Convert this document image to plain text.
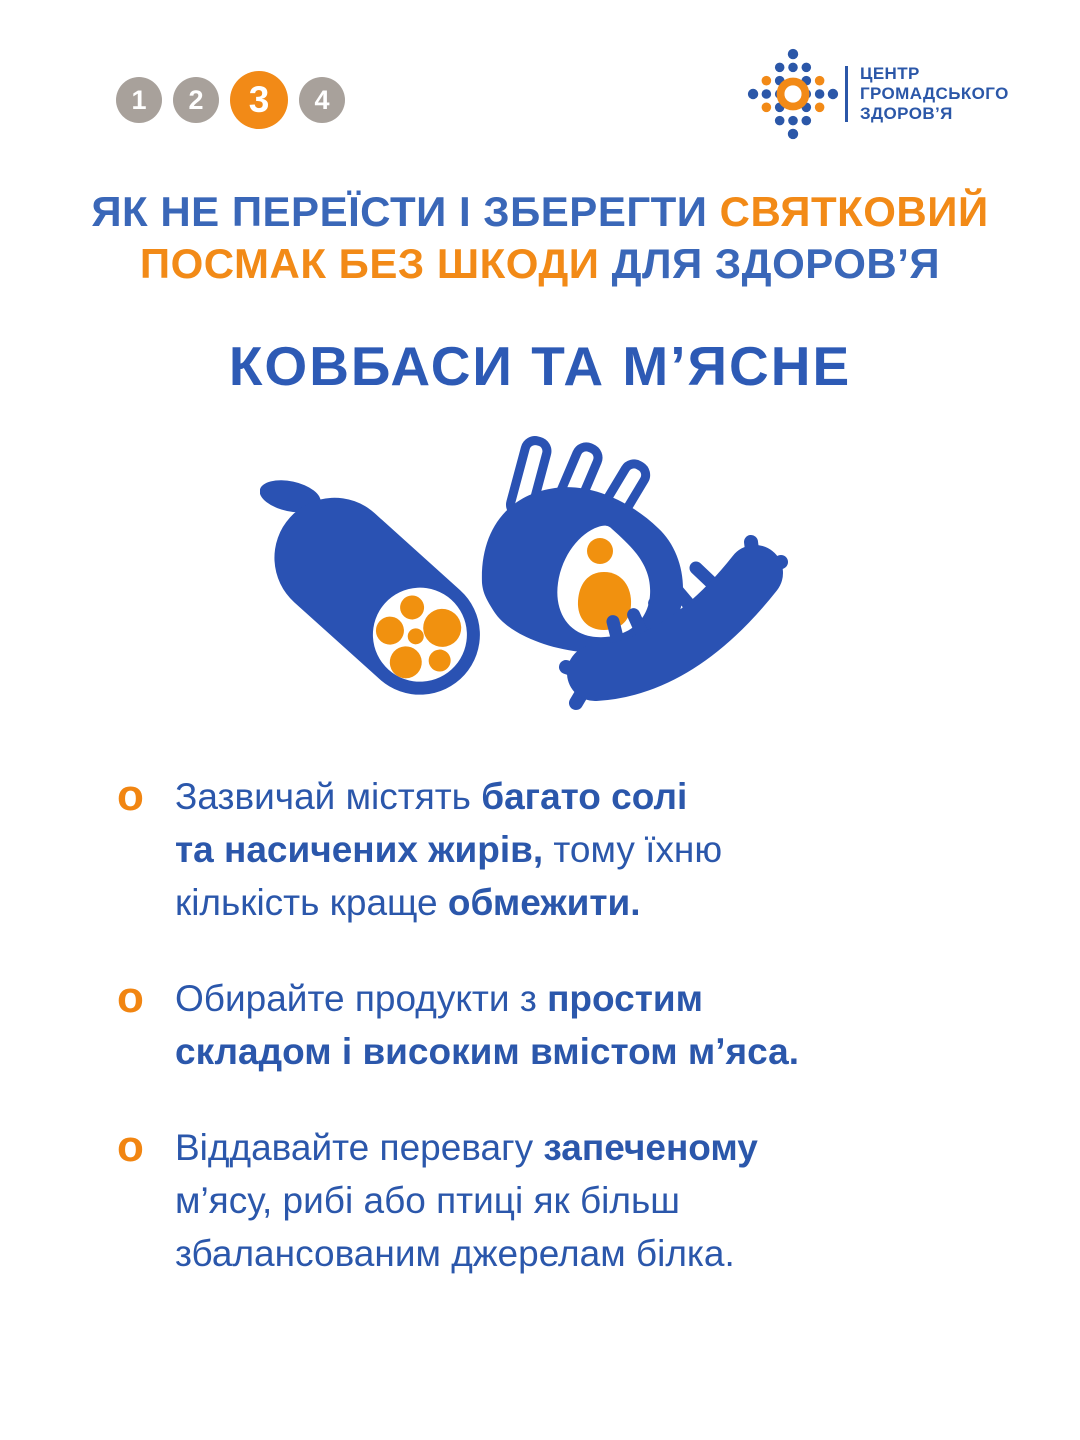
1	2	3	4
ЦЕНТР
ГРОМАДСЬКОГО
ЗДОРОВ’Я
ЯК НЕ ПЕРЕЇСТИ І ЗБЕРЕГТИ СВЯТКОВИЙ
ПОСМАК БЕЗ ШКОДИ ДЛЯ ЗДОРОВ’Я
КОВБАСИ ТА М’ЯСНЕ
o Зазвичай містять багато солі
та насичених жирів, тому їхню
кількість краще обмежити.
o Обирайте продукти з простим
складом і високим вмістом м’яса.
o Віддавайте перевагу запеченому
м’ясу, рибі або птиці як більш
збалансованим джерелам білка.
